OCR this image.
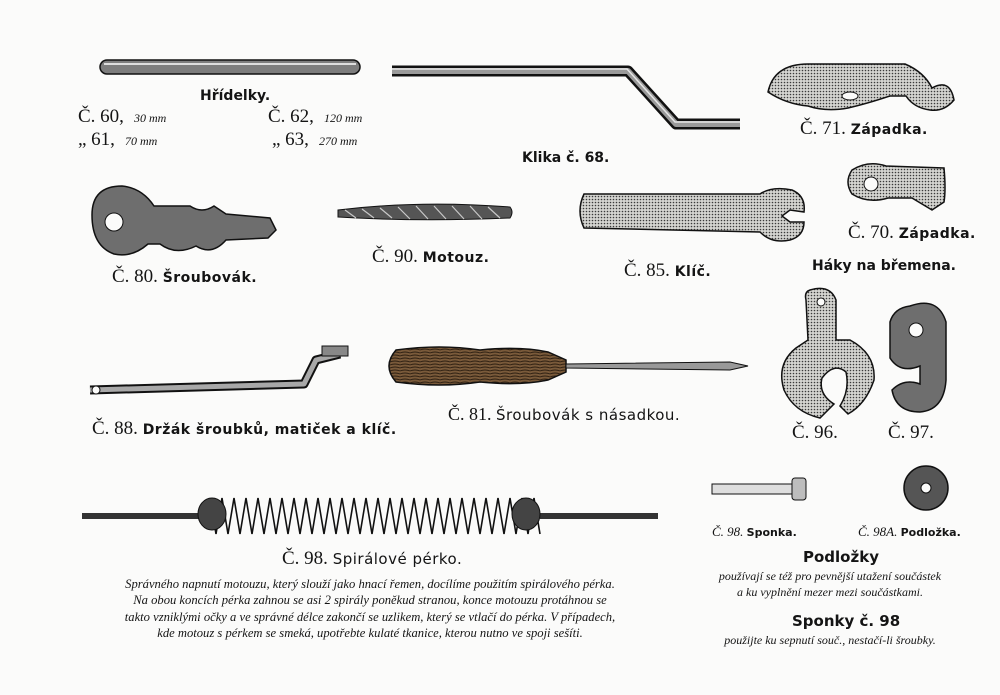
Hřídelky.
Č. 60, 30 mm
„ 61, 70 mm
Č. 62, 120 mm
„ 63, 270 mm
Klika č. 68.
Č. 71. Západka.
Č. 70. Západka.
Háky na břemena.
Č. 80. Šroubovák.
Č. 90. Motouz.
Č. 85. Klíč.
Č. 88. Držák šroubků, matiček a klíč.
Č. 81. Šroubovák s násadkou.
Č. 96.	Č. 97.
Č. 98. Spirálové pérko.
Správného napnutí motouzu, který slouží jako hnací řemen, docílíme použitím spirálového pérka.
Na obou koncích pérka zahnou se asi 2 spirály poněkud stranou, konce motouzu protáhnou se
takto vzniklými očky a ve správné délce zakončí se uzlikem, který se vtlačí do pérka. V případech,
kde motouz s pérkem se smeká, upotřebte kulaté tkanice, kterou nutno ve spoji sešíti.
Č. 98. Sponka.	Č. 98A. Podložka.
Podložky
používají se též pro pevnější utažení součástek
a ku vyplnění mezer mezi součástkami.
Sponky č. 98
použijte ku sepnutí souč., nestačí-li šroubky.
